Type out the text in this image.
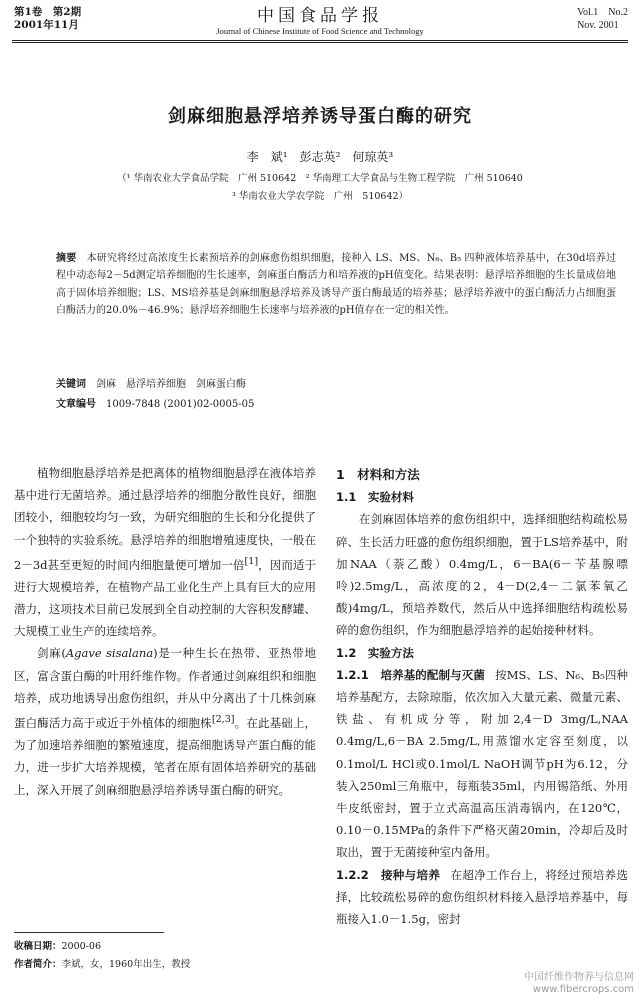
第1卷　第2期
2001年11月	中国食品学报
Journal of Chinese Institute of Food Science and Technology
Vol.1　No.2
Nov. 2001
剑麻细胞悬浮培养诱导蛋白酶的研究
李　斌¹　彭志英²　何琼英³
（¹ 华南农业大学食品学院　广州 510642　² 华南理工大学食品与生物工程学院　广州 510640
³ 华南农业大学农学院　广州　510642）
摘要　 本研究将经过高浓度生长素预培养的剑麻愈伤组织细胞，接种入 LS、MS、N₆、B₅ 四种液体培养基中，在30d培养过程中动态每2－5d测定培养细胞的生长速率，剑麻蛋白酶活力和培养液的pH值变化。结果表明：悬浮培养细胞的生长量成倍地高于固体培养细胞；LS、MS培养基是剑麻细胞悬浮培养及诱导产蛋白酶最适的培养基；悬浮培养液中的蛋白酶活力占细胞蛋白酶活力的20.0%－46.9%；悬浮培养细胞生长速率与培养液的pH值存在一定的相关性。
关键词　 剑麻　悬浮培养细胞　剑麻蛋白酶
文章编号　 1009-7848 (2001)02-0005-05

植物细胞悬浮培养是把离体的植物细胞悬浮在液体培养基中进行无菌培养。通过悬浮培养的细胞分散性良好，细胞团较小，细胞较均匀一致，为研究细胞的生长和分化提供了一个独特的实验系统。悬浮培养的细胞增殖速度快，一般在2－3d甚至更短的时间内细胞量便可增加一倍[1]，因而适于进行大规模培养，在植物产品工业化生产上具有巨大的应用潜力，这项技术目前已发展到全自动控制的大容积发酵罐、大规模工业生产的连续培养。

剑麻(Agave sisalana)是一种生长在热带、亚热带地区，富含蛋白酶的叶用纤维作物。作者通过剑麻组织和细胞培养，成功地诱导出愈伤组织，并从中分离出了十几株剑麻蛋白酶活力高于或近于外植体的细胞株[2,3]。在此基础上，为了加速培养细胞的繁殖速度，提高细胞诱导产蛋白酶的能力，进一步扩大培养规模，笔者在原有固体培养研究的基础上，深入开展了剑麻细胞悬浮培养诱导蛋白酶的研究。

收稿日期：2000-06
作者简介：李斌，女，1960年出生，教授
1　材料和方法
1.1　实验材料

在剑麻固体培养的愈伤组织中，选择细胞结构疏松易碎、生长活力旺盛的愈伤组织细胞，置于LS培养基中，附加NAA（萘乙酸）0.4mg/L，6－BA(6－苄基腺嘌呤)2.5mg/L，高浓度的2，4－D(2,4－二氯苯氧乙酸)4mg/L，预培养数代，然后从中选择细胞结构疏松易碎的愈伤组织，作为细胞悬浮培养的起始接种材料。

1.2　实验方法

1.2.1　培养基的配制与灭菌 按MS、LS、N₆、B₅四种培养基配方，去除琼脂，依次加入大量元素、微量元素、铁盐、有机成分等，附加2,4－D 3mg/L,NAA 0.4mg/L,6－BA 2.5mg/L,用蒸馏水定容至刻度，以0.1mol/L HCl或0.1mol/L NaOH调节pH为6.12，分装入250ml三角瓶中，每瓶装35ml，内用锡箔纸、外用牛皮纸密封，置于立式高温高压消毒锅内，在120℃，0.10－0.15MPa的条件下严格灭菌20min，冷却后及时取出，置于无菌接种室内备用。

1.2.2　接种与培养 在超净工作台上，将经过预培养选择，比较疏松易碎的愈伤组织材料接入悬浮培养基中，每瓶接入1.0－1.5g，密封

中国纤维作物养与信息网
www.fibercrops.com
